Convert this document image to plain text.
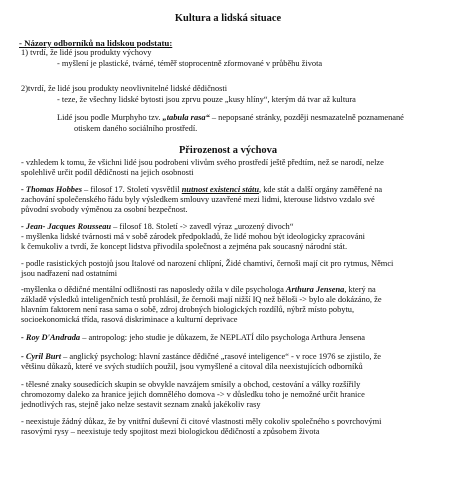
Kultura a lidská situace
- Názory odborníků na lidskou podstatu:
1) tvrdí, že lidé jsou produkty výchovy
- myšlení je plastické, tvárné, téměř stoprocentně zformované v průběhu života
2)tvrdí, že lidé jsou produkty neovlivnitelné lidské dědičnosti
- teze, že všechny lidské bytosti jsou zprvu pouze „kusy hlíny“, kterým dá tvar až kultura
Lidé jsou podle Murphyho tzv. „tabula rasa“ – nepopsané stránky, později nesmazatelně poznamenané
otiskem daného sociálního prostředí.
Přirozenost a výchova
- vzhledem k tomu, že všichni lidé jsou podrobeni vlivům svého prostředí ještě předtím, než se narodí, nelze
spolehlivě určit podíl dědičnosti na jejich osobnosti
- Thomas Hobbes – filosof 17. Století vysvětlil nutnost existenci státu, kde stát a další orgány zaměřené na
zachování společenského řádu byly výsledkem smlouvy uzavřené mezi lidmi, kterouse lidstvo vzdalo své
původní svobody výměnou za osobní bezpečnost.
- Jean- Jacques Rousseau – filosof 18. Století -> zavedl výraz „urozený divoch“
- myšlenka lidské tvárnosti má v sobě zárodek předpokladů, že lidé mohou být ideologicky zpracováni
k čemukoliv a tvrdí, že koncept lidstva přivodila společnost a zejména pak soucasný národní stát.
- podle rasistických postojů jsou Italové od narození chlípní, Židé chamtiví, černoši mají cit pro rytmus, Němci
jsou nadřazení nad ostatními
-myšlenka o dědičné mentální odlišnosti ras naposledy ožila v díle psychologa Arthura Jensena, který na
základě výsledků inteligenčních testů prohlásil, že černoši mají nižší IQ než běloši -> bylo ale dokázáno, že
hlavním faktorem není rasa sama o sobě, zdroj drobných biologických rozdílů, nýbrž místo pobytu,
socioekonomická třída, rasová diskriminace a kulturní deprivace
- Roy D'Andrada – antropolog: jeho studie je důkazem, že NEPLATÍ dílo psychologa Arthura Jensena
- Cyril Burt – anglický psycholog: hlavní zastánce dědičné „rasové inteligence“ - v roce 1976 se zjistilo, že
většinu důkazů, které ve svých studiích použil, jsou vymyšlené a citoval díla neexistujících odborníků
- tělesné znaky sousedících skupin se obvykle navzájem smísily a obchod, cestování a války rozšířily
chromozomy daleko za hranice jejich domnělého domova -> v důsledku toho je nemožné určit hranice
jednotlivých ras, stejně jako nelze sestavit seznam znaků jakékoliv rasy
- neexistuje žádný důkaz, že by vnitřní duševní či citové vlastnosti měly cokoliv společného s povrchovými
rasovými rysy – neexistuje tedy spojitost mezi biologickou dědičností a způsobem života
